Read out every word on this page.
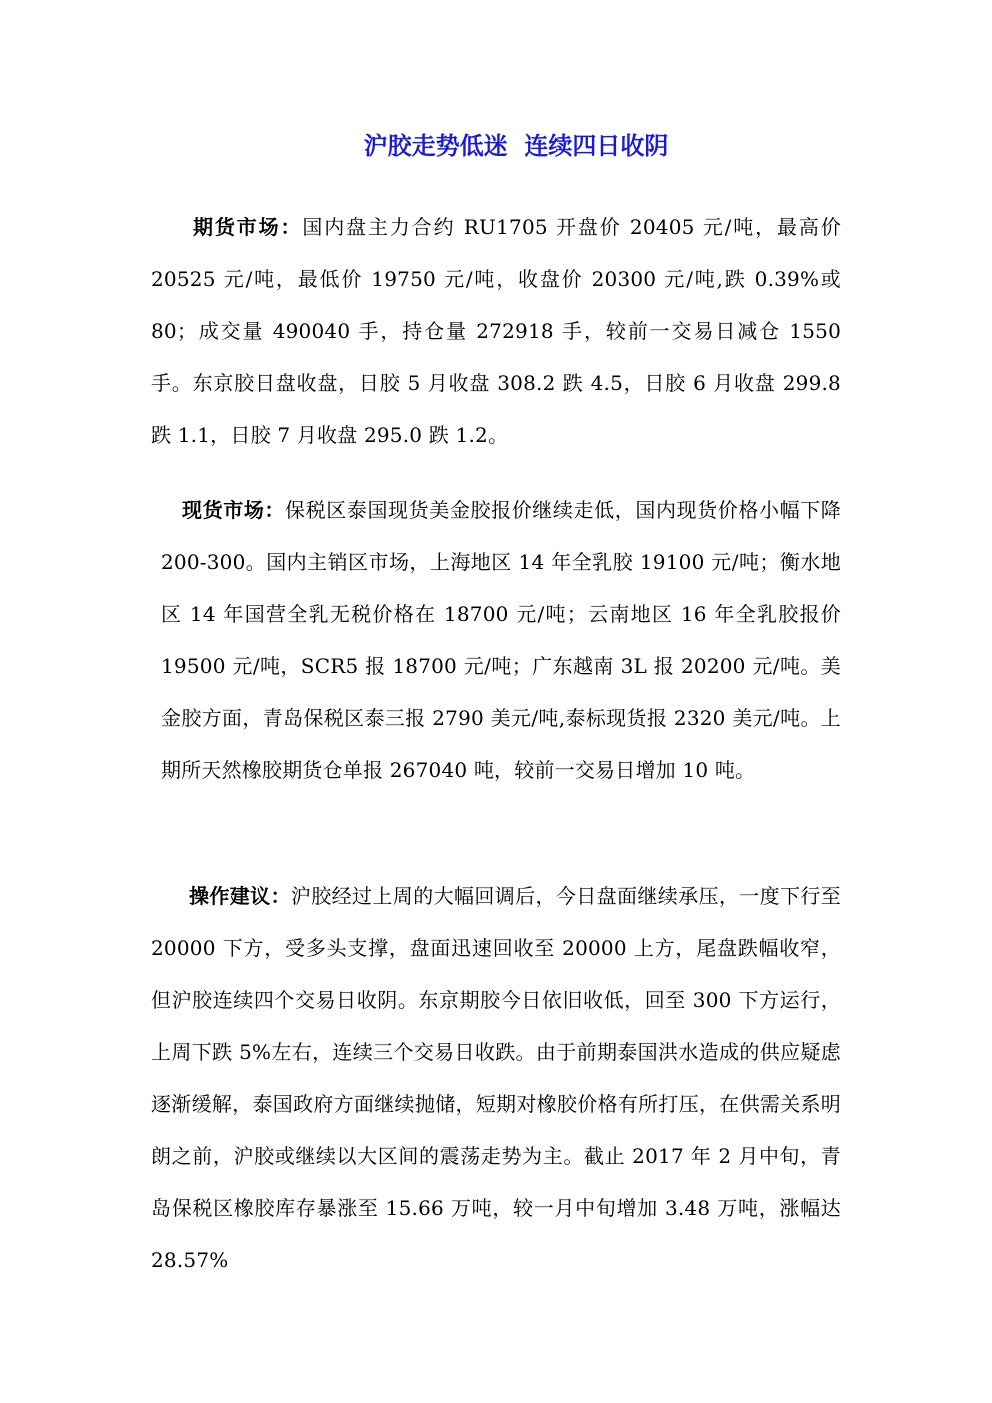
沪胶走势低迷  连续四日收阴

期货市场：国内盘主力合约 RU1705 开盘价 20405 元/吨，最高价 20525 元/吨，最低价 19750 元/吨，收盘价 20300 元/吨,跌 0.39%或 80；成交量 490040 手，持仓量 272918 手，较前一交易日减仓 1550 手。东京胶日盘收盘，日胶 5 月收盘 308.2 跌 4.5，日胶 6 月收盘 299.8 跌 1.1，日胶 7 月收盘 295.0 跌 1.2。

现货市场：保税区泰国现货美金胶报价继续走低，国内现货价格小幅下降 200-300。国内主销区市场，上海地区 14 年全乳胶 19100 元/吨；衡水地区 14 年国营全乳无税价格在 18700 元/吨；云南地区 16 年全乳胶报价 19500 元/吨，SCR5 报 18700 元/吨；广东越南 3L 报 20200 元/吨。美金胶方面，青岛保税区泰三报 2790 美元/吨,泰标现货报 2320 美元/吨。上期所天然橡胶期货仓单报 267040 吨，较前一交易日增加 10 吨。

操作建议：沪胶经过上周的大幅回调后，今日盘面继续承压，一度下行至 20000 下方，受多头支撑，盘面迅速回收至 20000 上方，尾盘跌幅收窄，但沪胶连续四个交易日收阴。东京期胶今日依旧收低，回至 300 下方运行，上周下跌 5%左右，连续三个交易日收跌。由于前期泰国洪水造成的供应疑虑逐渐缓解，泰国政府方面继续抛储，短期对橡胶价格有所打压，在供需关系明朗之前，沪胶或继续以大区间的震荡走势为主。截止 2017 年 2 月中旬，青岛保税区橡胶库存暴涨至 15.66 万吨，较一月中旬增加 3.48 万吨，涨幅达 28.57%
